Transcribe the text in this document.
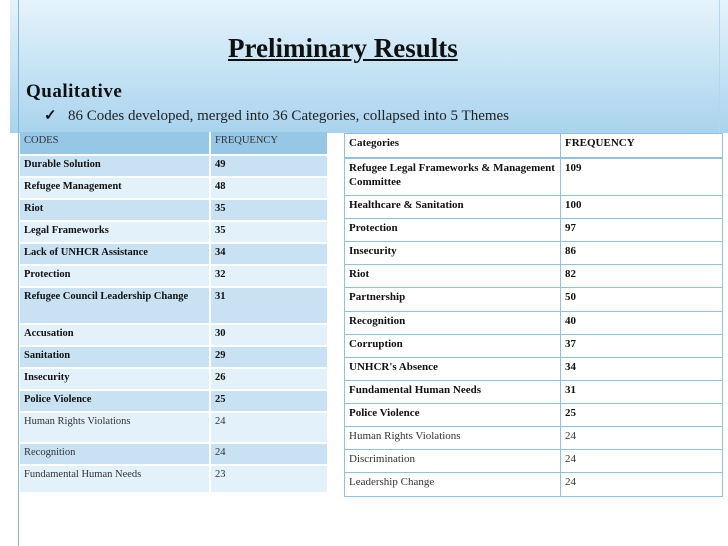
Preliminary Results
Qualitative
✓ 86 Codes developed, merged into 36 Categories, collapsed into 5 Themes
CODES	FREQUENCY
Durable Solution	49
Refugee Management	48
Riot	35
Legal Frameworks	35
Lack of UNHCR Assistance	34
Protection	32
Refugee Council Leadership Change	31
Accusation	30
Sanitation	29
Insecurity	26
Police Violence	25
Human Rights Violations	24
Recognition	24
Fundamental Human Needs	23
Categories	FREQUENCY
Refugee Legal Frameworks & Management Committee	109
Healthcare & Sanitation	100
Protection	97
Insecurity	86
Riot	82
Partnership	50
Recognition	40
Corruption	37
UNHCR's Absence	34
Fundamental Human Needs	31
Police Violence	25
Human Rights Violations	24
Discrimination	24
Leadership Change	24
